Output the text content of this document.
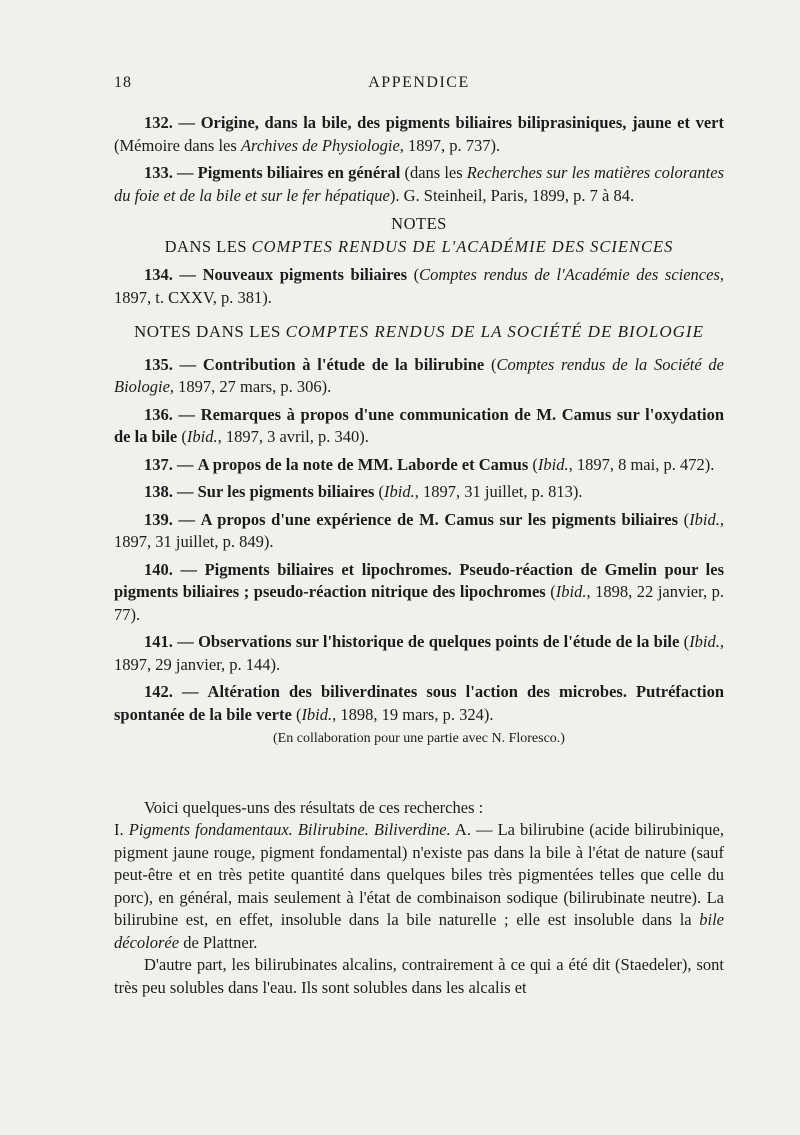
18	APPENDICE

132. — Origine, dans la bile, des pigments biliaires biliprasiniques, jaune et vert (Mémoire dans les Archives de Physiologie, 1897, p. 737).

133. — Pigments biliaires en général (dans les Recherches sur les matières colorantes du foie et de la bile et sur le fer hépatique). G. Steinheil, Paris, 1899, p. 7 à 84.

NOTES
DANS LES COMPTES RENDUS DE L'ACADÉMIE DES SCIENCES

134. — Nouveaux pigments biliaires (Comptes rendus de l'Académie des sciences, 1897, t. CXXV, p. 381).

NOTES DANS LES COMPTES RENDUS DE LA SOCIÉTÉ DE BIOLOGIE

135. — Contribution à l'étude de la bilirubine (Comptes rendus de la Société de Biologie, 1897, 27 mars, p. 306).

136. — Remarques à propos d'une communication de M. Camus sur l'oxydation de la bile (Ibid., 1897, 3 avril, p. 340).

137. — A propos de la note de MM. Laborde et Camus (Ibid., 1897, 8 mai, p. 472).

138. — Sur les pigments biliaires (Ibid., 1897, 31 juillet, p. 813).

139. — A propos d'une expérience de M. Camus sur les pigments biliaires (Ibid., 1897, 31 juillet, p. 849).

140. — Pigments biliaires et lipochromes. Pseudo-réaction de Gmelin pour les pigments biliaires ; pseudo-réaction nitrique des lipochromes (Ibid., 1898, 22 janvier, p. 77).

141. — Observations sur l'historique de quelques points de l'étude de la bile (Ibid., 1897, 29 janvier, p. 144).

142. — Altération des biliverdinates sous l'action des microbes. Putréfaction spontanée de la bile verte (Ibid., 1898, 19 mars, p. 324).

(En collaboration pour une partie avec N. Floresco.)

Voici quelques-uns des résultats de ces recherches :

I. Pigments fondamentaux. Bilirubine. Biliverdine. A. — La bilirubine (acide bilirubinique, pigment jaune rouge, pigment fondamental) n'existe pas dans la bile à l'état de nature (sauf peut-être et en très petite quantité dans quelques biles très pigmentées telles que celle du porc), en général, mais seulement à l'état de combinaison sodique (bilirubinate neutre). La bilirubine est, en effet, insoluble dans la bile naturelle ; elle est insoluble dans la bile décolorée de Plattner.

D'autre part, les bilirubinates alcalins, contrairement à ce qui a été dit (Staedeler), sont très peu solubles dans l'eau. Ils sont solubles dans les alcalis et
